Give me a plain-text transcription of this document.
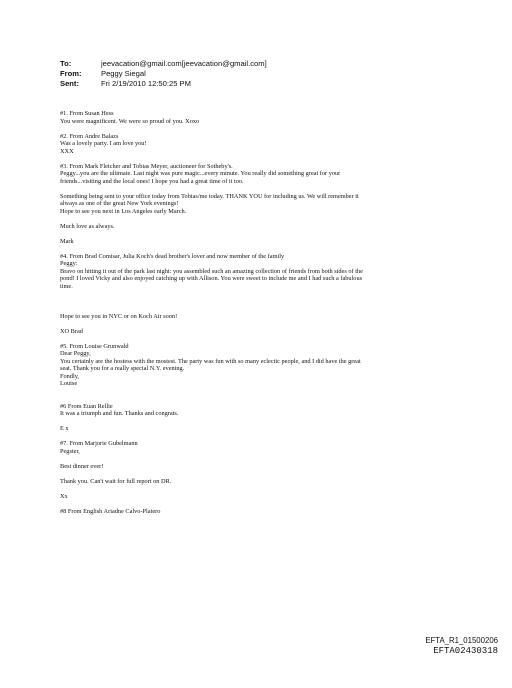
To:	jeevacation@gmail.com[jeevacation@gmail.com]
From:	Peggy Siegal
Sent:	Fri 2/19/2010 12:50:25 PM
#1. From Susan Hess
You were magnificent. We were so proud of you. Xoxo
#2. From Andre Balazs
Was a lovely party. I am love you!
XXX
#3. From Mark Fletcher and Tobias Meyer, auctioneer for Sotheby's.
Peggy...you are the ultimate. Last night was pure magic...every minute. You really did something great for your
friends...visiting and the local ones! I hope you had a great time of it too.
Something being sent to your office today from Tobias/me today. THANK YOU for including us. We will remember it
always as one of the great New York evenings!
Hope to see you next in Los Angeles early March.
Much love as always.
Mark
#4. From Brad Comisar, Julia Koch's dead brother's lover and now member of the family
Peggy:
Bravo on hitting it out of the park last night: you assembled such an amazing collection of friends from both sides of the
pond! I loved Vicky and also enjoyed catching up with Allison. You were sweet to include me and I had such a fabulous
time.
Hope to see you in NYC or on Koch Air soon!
XO Brad
#5. From Louise Grunwald
Dear Peggy,
You certainly are the hostess with the mostest. The party was fun with so many eclectic people, and I did have the great
seat. Thank you for a really special N.Y. evening.
Fondly,
Louise
#6 From Euan Rellie
It was a triumph and fun. Thanks and congrats.
E x
#7. From Marjorie Gubelmann
Pegster,
Best dinner ever!
Thank you. Can't wait for full report on DR.
Xx
#8 From English Ariadne Calvo-Platero
EFTA_R1_01500206
EFTA02430318
